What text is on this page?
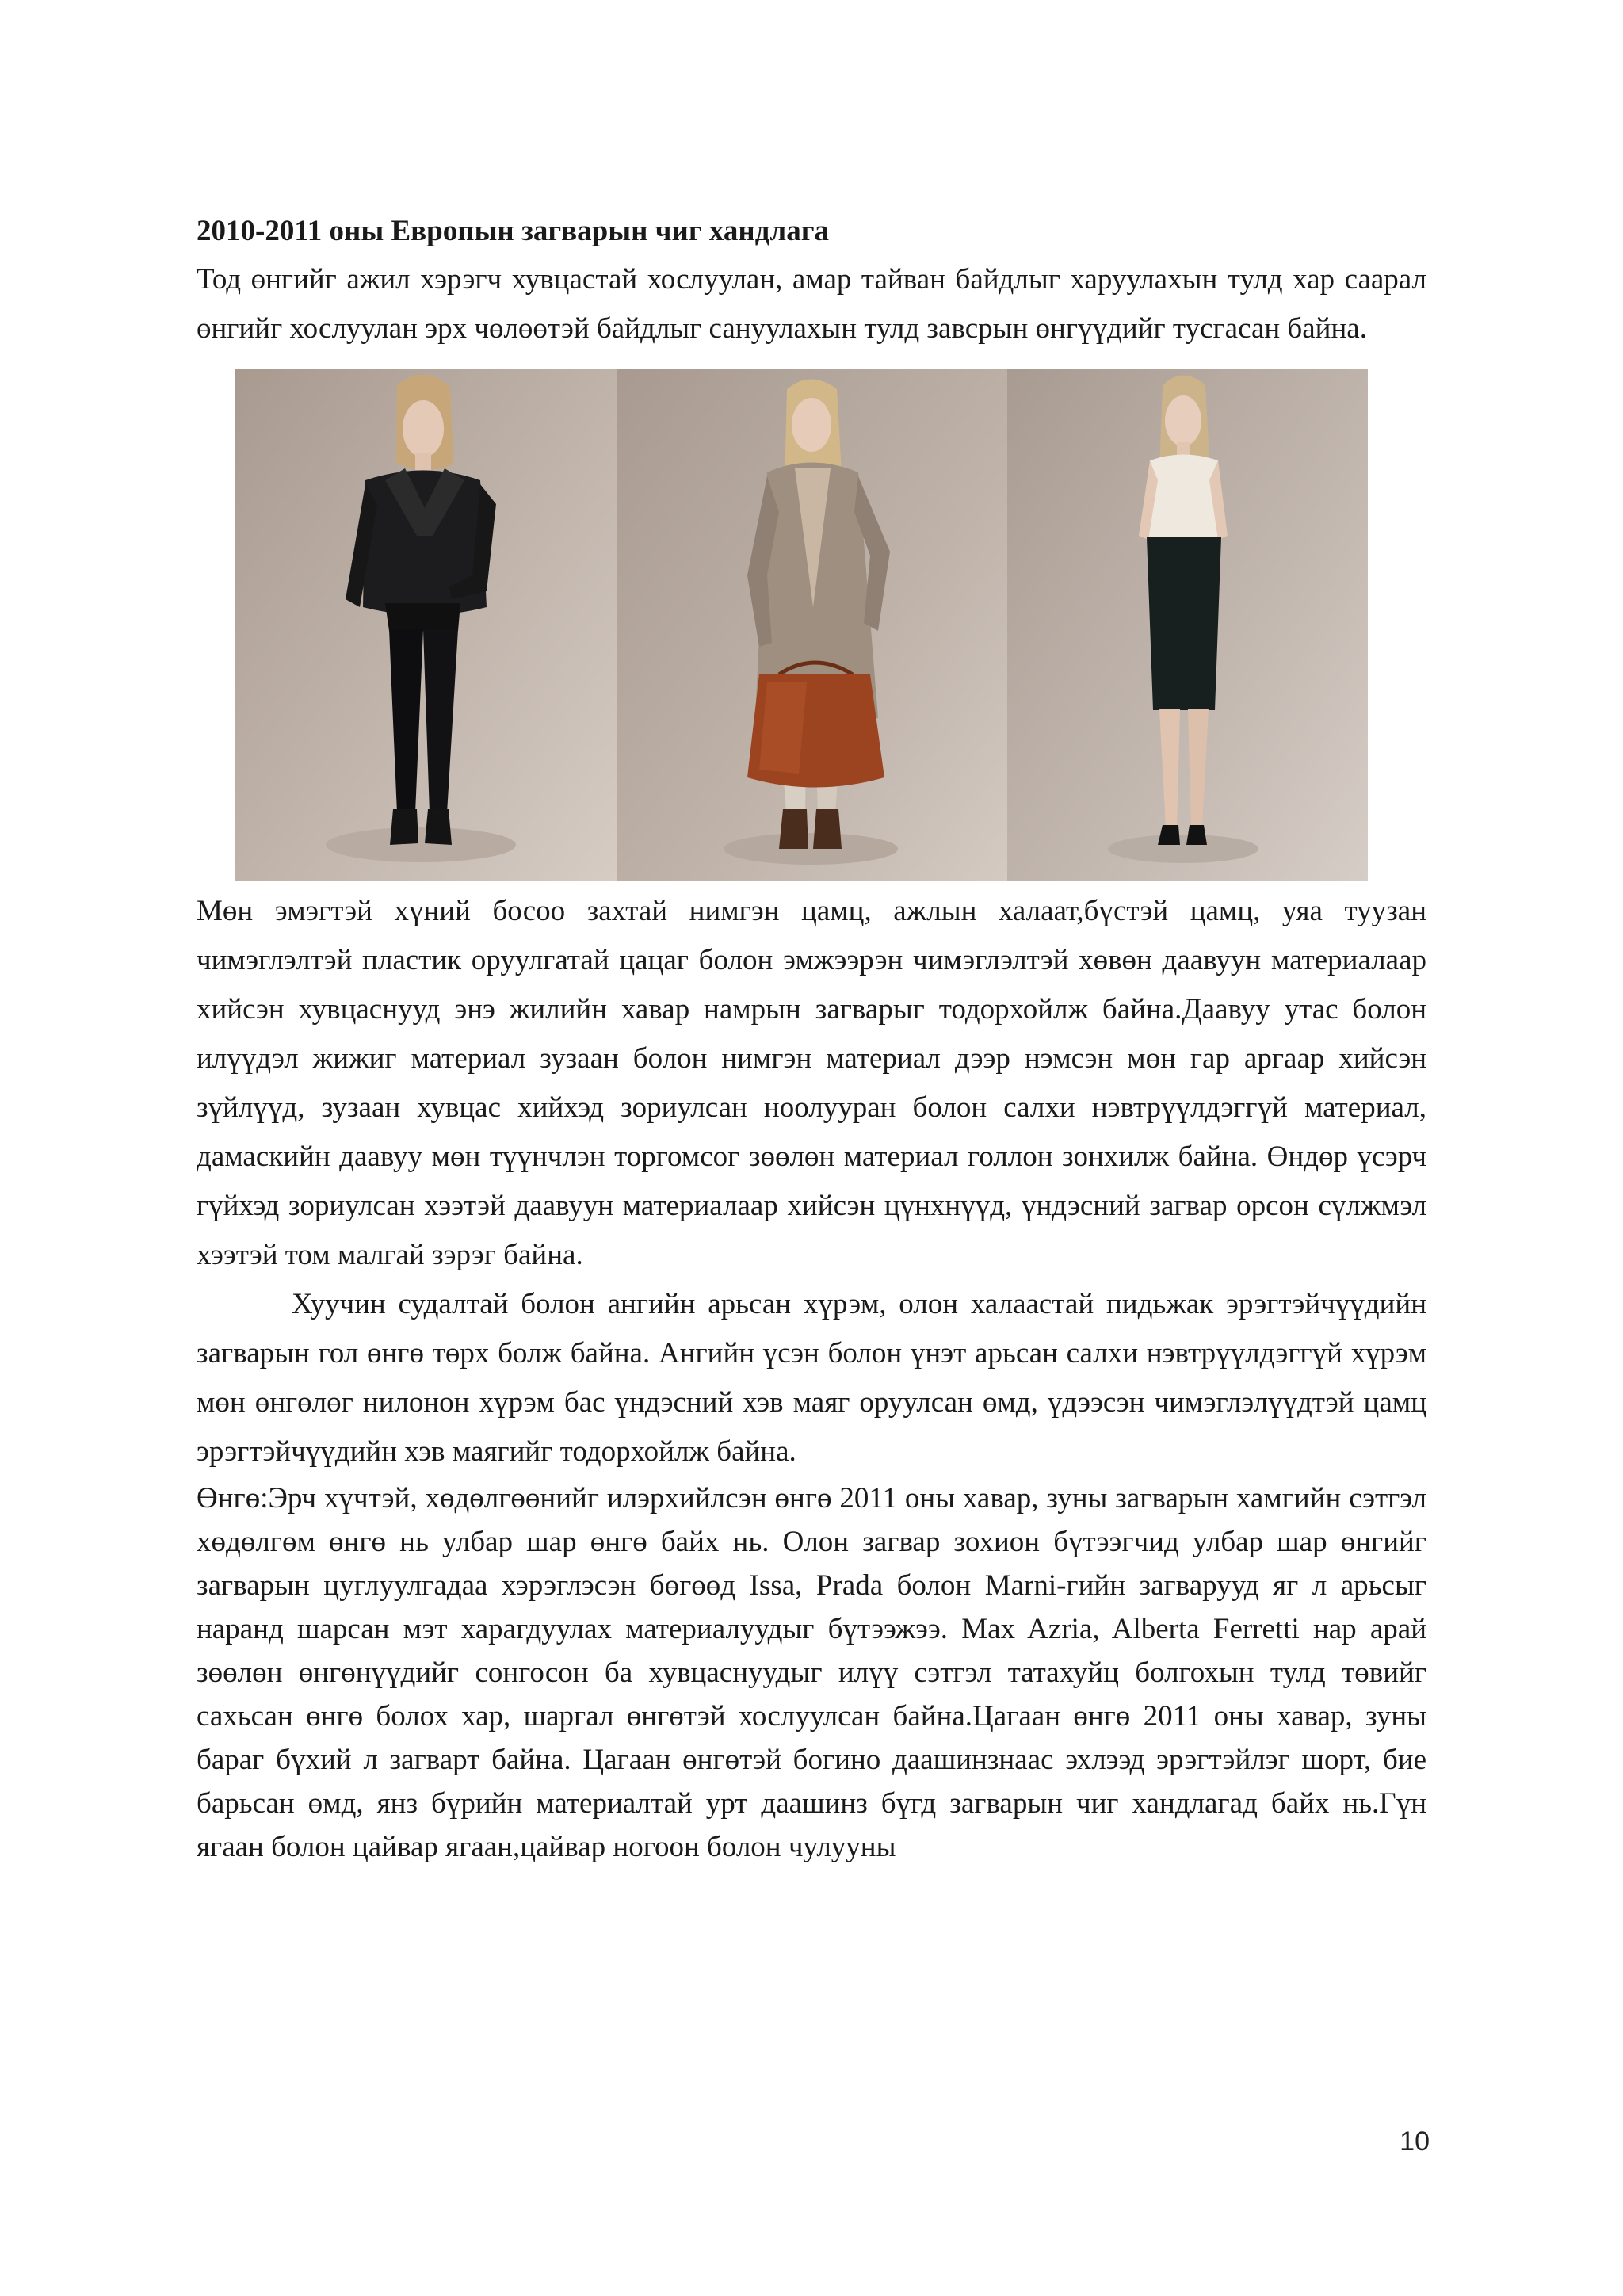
2010-2011 оны Европын загварын чиг хандлага

Тод өнгийг ажил хэрэгч хувцастай хослуулан, амар тайван байдлыг харуулахын тулд хар саарал өнгийг хослуулан эрх чөлөөтэй байдлыг сануулахын тулд завсрын өнгүүдийг тусгасан байна.

Мөн эмэгтэй хүний босоо захтай нимгэн цамц, ажлын халаат,бүстэй цамц, уяа туузан чимэглэлтэй пластик оруулгатай цацаг болон эмжээрэн чимэглэлтэй хөвөн даавуун материалаар хийсэн хувцаснууд энэ жилийн хавар намрын загварыг тодорхойлж байна.Даавуу утас болон илүүдэл жижиг материал зузаан болон нимгэн материал дээр нэмсэн мөн гар аргаар хийсэн зүйлүүд, зузаан хувцас хийхэд зориулсан ноолууран болон салхи нэвтрүүлдэггүй материал, дамаскийн даавуу мөн түүнчлэн торгомсог зөөлөн материал голлон зонхилж байна. Өндөр үсэрч гүйхэд зориулсан хээтэй даавуун материалаар хийсэн цүнхнүүд, үндэсний загвар орсон сүлжмэл хээтэй том малгай зэрэг байна.

Хуучин судалтай болон ангийн арьсан хүрэм, олон халаастай пидьжак эрэгтэйчүүдийн загварын гол өнгө төрх болж байна. Ангийн үсэн болон үнэт арьсан салхи нэвтрүүлдэггүй хүрэм мөн өнгөлөг нилонон хүрэм бас үндэсний хэв маяг оруулсан өмд, үдээсэн чимэглэлүүдтэй цамц эрэгтэйчүүдийн хэв маягийг тодорхойлж байна.

Өнгө:Эрч хүчтэй, хөдөлгөөнийг илэрхийлсэн өнгө 2011 оны хавар, зуны загварын хамгийн сэтгэл хөдөлгөм өнгө нь улбар шар өнгө байх нь. Олон загвар зохион бүтээгчид улбар шар өнгийг загварын цуглуулгадаа хэрэглэсэн бөгөөд Issa, Prada болон Marni-гийн загварууд яг л арьсыг наранд шарсан мэт харагдуулах материалуудыг бүтээжээ. Max Azria, Alberta Ferretti нар арай зөөлөн өнгөнүүдийг сонгосон ба хувцаснуудыг илүү сэтгэл татахуйц болгохын тулд төвийг сахьсан өнгө болох хар, шаргал өнгөтэй хослуулсан байна.Цагаан өнгө 2011 оны хавар, зуны бараг бүхий л загварт байна. Цагаан өнгөтэй богино даашинзнаас эхлээд эрэгтэйлэг шорт, бие барьсан өмд, янз бүрийн материалтай урт даашинз бүгд загварын чиг хандлагад байх нь.Гүн ягаан болон цайвар ягаан,цайвар ногоон болон чулууны

10
